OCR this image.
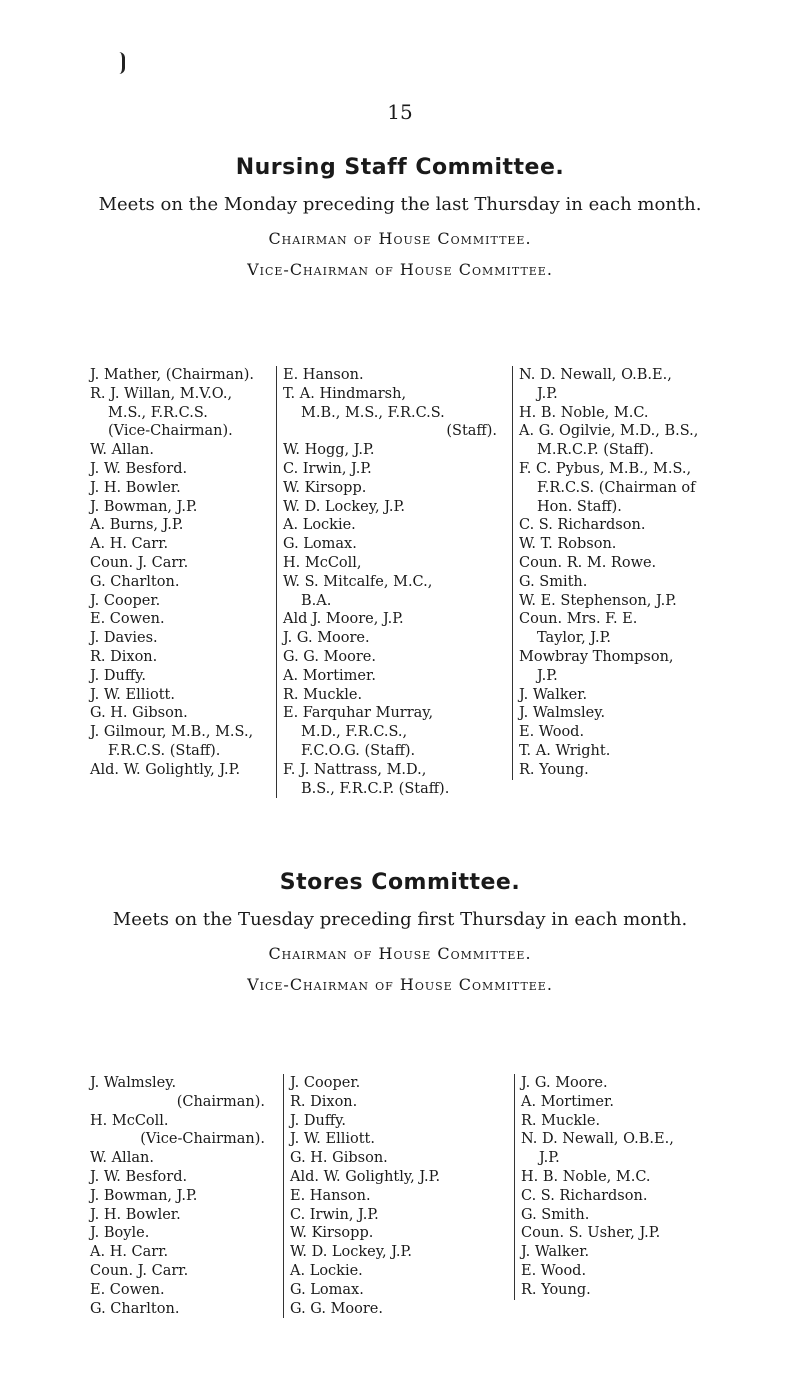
15

Nursing Staff Committee.

Meets on the Monday preceding the last Thursday in each month.

Chairman of House Committee.

Vice-Chairman of House Committee.

J. Mather, (Chairman).
R. J. Willan, M.V.O.,
M.S., F.R.C.S.
(Vice-Chairman).
W. Allan.
J. W. Besford.
J. H. Bowler.
J. Bowman, J.P.
A. Burns, J.P.
A. H. Carr.
Coun. J. Carr.
G. Charlton.
J. Cooper.
E. Cowen.
J. Davies.
R. Dixon.
J. Duffy.
J. W. Elliott.
G. H. Gibson.
J. Gilmour, M.B., M.S.,
F.R.C.S. (Staff).
Ald. W. Golightly, J.P.
E. Hanson.
T. A. Hindmarsh,
M.B., M.S., F.R.C.S.
(Staff).
W. Hogg, J.P.
C. Irwin, J.P.
W. Kirsopp.
W. D. Lockey, J.P.
A. Lockie.
G. Lomax.
H. McColl,
W. S. Mitcalfe, M.C.,
B.A.
Ald J. Moore, J.P.
J. G. Moore.
G. G. Moore.
A. Mortimer.
R. Muckle.
E. Farquhar Murray,
M.D., F.R.C.S.,
F.C.O.G. (Staff).
F. J. Nattrass, M.D.,
B.S., F.R.C.P. (Staff).
N. D. Newall, O.B.E.,
J.P.
H. B. Noble, M.C.
A. G. Ogilvie, M.D., B.S.,
M.R.C.P. (Staff).
F. C. Pybus, M.B., M.S.,
F.R.C.S. (Chairman of
Hon. Staff).
C. S. Richardson.
W. T. Robson.
Coun. R. M. Rowe.
G. Smith.
W. E. Stephenson, J.P.
Coun. Mrs. F. E.
Taylor, J.P.
Mowbray Thompson,
J.P.
J. Walker.
J. Walmsley.
E. Wood.
T. A. Wright.
R. Young.

Stores Committee.

Meets on the Tuesday preceding first Thursday in each month.

Chairman of House Committee.

Vice-Chairman of House Committee.

J. Walmsley.
(Chairman).
H. McColl.
(Vice-Chairman).
W. Allan.
J. W. Besford.
J. Bowman, J.P.
J. H. Bowler.
J. Boyle.
A. H. Carr.
Coun. J. Carr.
E. Cowen.
G. Charlton.
J. Cooper.
R. Dixon.
J. Duffy.
J. W. Elliott.
G. H. Gibson.
Ald. W. Golightly, J.P.
E. Hanson.
C. Irwin, J.P.
W. Kirsopp.
W. D. Lockey, J.P.
A. Lockie.
G. Lomax.
G. G. Moore.
J. G. Moore.
A. Mortimer.
R. Muckle.
N. D. Newall, O.B.E.,
J.P.
H. B. Noble, M.C.
C. S. Richardson.
G. Smith.
Coun. S. Usher, J.P.
J. Walker.
E. Wood.
R. Young.
